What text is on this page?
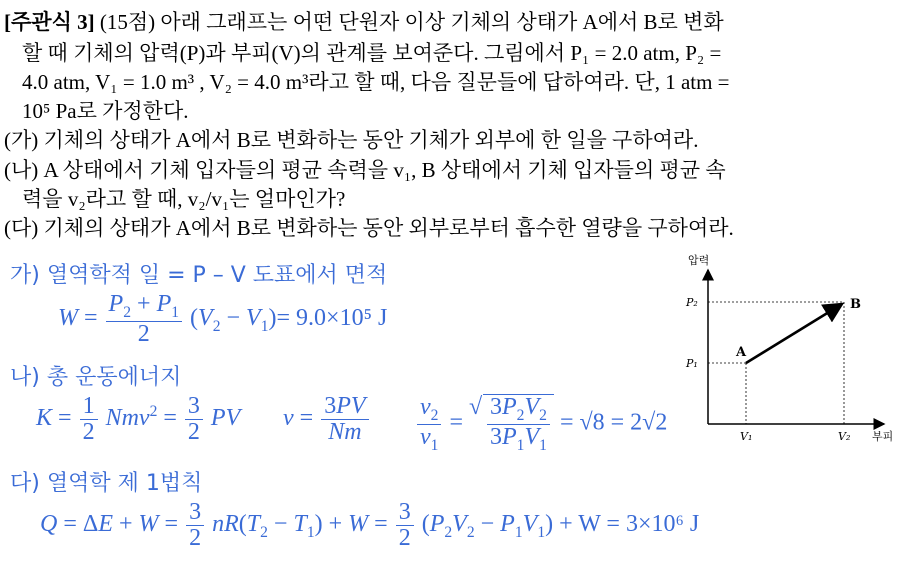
[주관식 3] (15점) 아래 그래프는 어떤 단원자 이상 기체의 상태가 A에서 B로 변화
할 때 기체의 압력(P)과 부피(V)의 관계를 보여준다. 그림에서 P₁ = 2.0 atm, P₂ =
4.0 atm, V₁ = 1.0 m³ , V₂ = 4.0 m³라고 할 때, 다음 질문들에 답하여라. 단, 1 atm =
10⁵ Pa로 가정한다.
(가) 기체의 상태가 A에서 B로 변화하는 동안 기체가 외부에 한 일을 구하여라.
(나) A 상태에서 기체 입자들의 평균 속력을 v₁, B 상태에서 기체 입자들의 평균 속
력을 v₂라고 할 때, v₂/v₁는 얼마인가?
(다) 기체의 상태가 A에서 B로 변화하는 동안 외부로부터 흡수한 열량을 구하여라.
가) 열역학적 일 = P – V 도표에서 면적
$W = \frac{P_2 + P_1}{2} (V_2 - V_1)= 9.0\times 10^5$ J
나) 총 운동에너지
$K = \frac{1}{2} Nmv^2 = \frac{3}{2}$ PV $v = \frac{3PV}{Nm} \frac{v_2}{v_1}$ =
√ $\frac{3P_2V_2}{3P_1V_1} = √8 = 2√2$
다) 열역학 제 1법칙
$Q = \Delta E + W = \frac{3}{2} nR(T_2 - T_1) + W = \frac{3}{2} (P_2V_2 - P_1V_1) + W = 3\times 10^6$ J
압력
P₂
P₁
V₁	V₂ 부피
A
B
